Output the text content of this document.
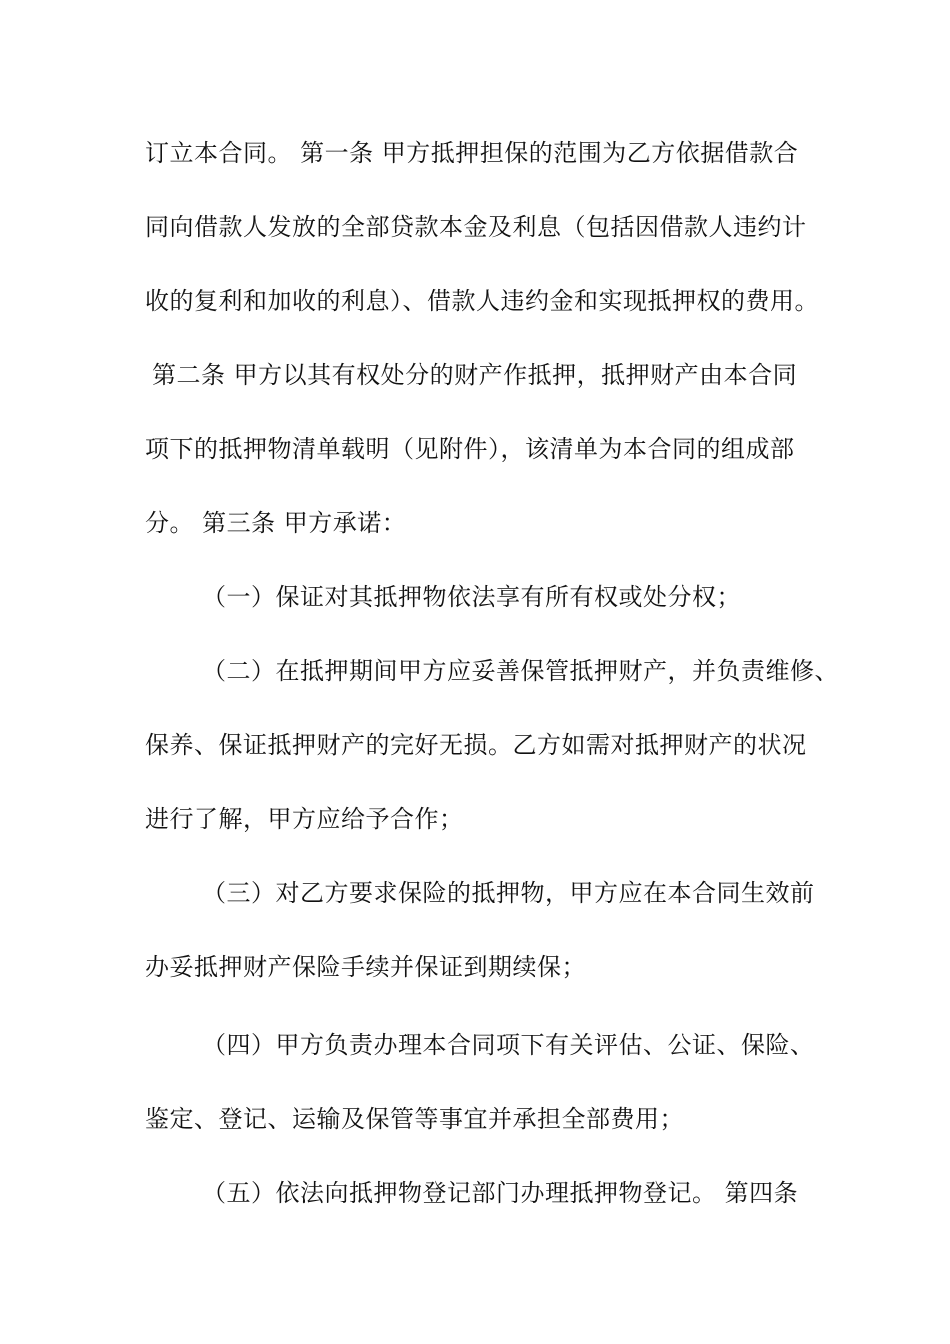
订立本合同。 第一条 甲方抵押担保的范围为乙方依据借款合
同向借款人发放的全部贷款本金及利息（包括因借款人违约计
收的复利和加收的利息）、借款人违约金和实现抵押权的费用。
第二条 甲方以其有权处分的财产作抵押，抵押财产由本合同
项下的抵押物清单载明（见附件），该清单为本合同的组成部
分。 第三条 甲方承诺：
（一）保证对其抵押物依法享有所有权或处分权；
（二）在抵押期间甲方应妥善保管抵押财产，并负责维修、
保养、保证抵押财产的完好无损。乙方如需对抵押财产的状况
进行了解，甲方应给予合作；
（三）对乙方要求保险的抵押物，甲方应在本合同生效前
办妥抵押财产保险手续并保证到期续保；
（四）甲方负责办理本合同项下有关评估、公证、保险、
鉴定、登记、运输及保管等事宜并承担全部费用；
（五）依法向抵押物登记部门办理抵押物登记。 第四条
